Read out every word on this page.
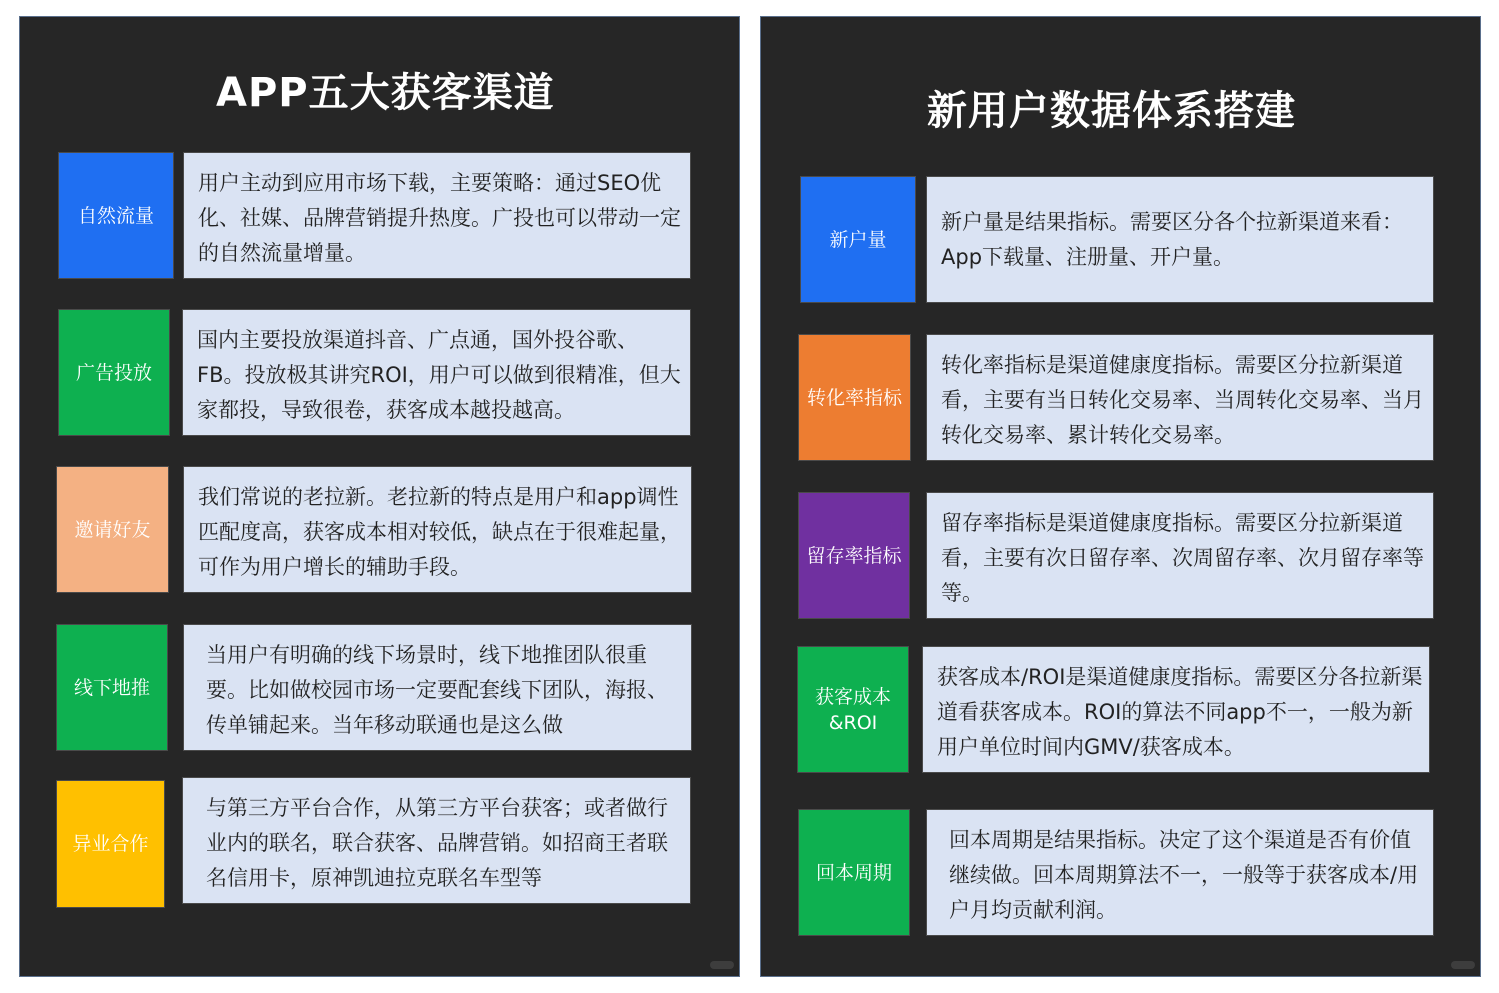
APP五大获客渠道
自然流量
用户主动到应用市场下载，主要策略：通过SEO优化、社媒、品牌营销提升热度。广投也可以带动一定的自然流量增量。
广告投放
国内主要投放渠道抖音、广点通，国外投谷歌、FB。投放极其讲究ROI，用户可以做到很精准，但大家都投，导致很卷，获客成本越投越高。
邀请好友
我们常说的老拉新。老拉新的特点是用户和app调性匹配度高，获客成本相对较低，缺点在于很难起量，可作为用户增长的辅助手段。
线下地推
当用户有明确的线下场景时，线下地推团队很重要。比如做校园市场一定要配套线下团队，海报、传单铺起来。当年移动联通也是这么做
异业合作
与第三方平台合作，从第三方平台获客；或者做行业内的联名，联合获客、品牌营销。如招商王者联名信用卡，原神凯迪拉克联名车型等
新用户数据体系搭建
新户量
新户量是结果指标。需要区分各个拉新渠道来看： App下载量、注册量、开户量。
转化率指标
转化率指标是渠道健康度指标。需要区分拉新渠道看，主要有当日转化交易率、当周转化交易率、当月转化交易率、累计转化交易率。
留存率指标
留存率指标是渠道健康度指标。需要区分拉新渠道看，主要有次日留存率、次周留存率、次月留存率等等。
获客成本&ROI
获客成本/ROI是渠道健康度指标。需要区分各拉新渠道看获客成本。ROI的算法不同app不一，一般为新用户单位时间内GMV/获客成本。
回本周期
回本周期是结果指标。决定了这个渠道是否有价值继续做。回本周期算法不一，一般等于获客成本/用户月均贡献利润。
